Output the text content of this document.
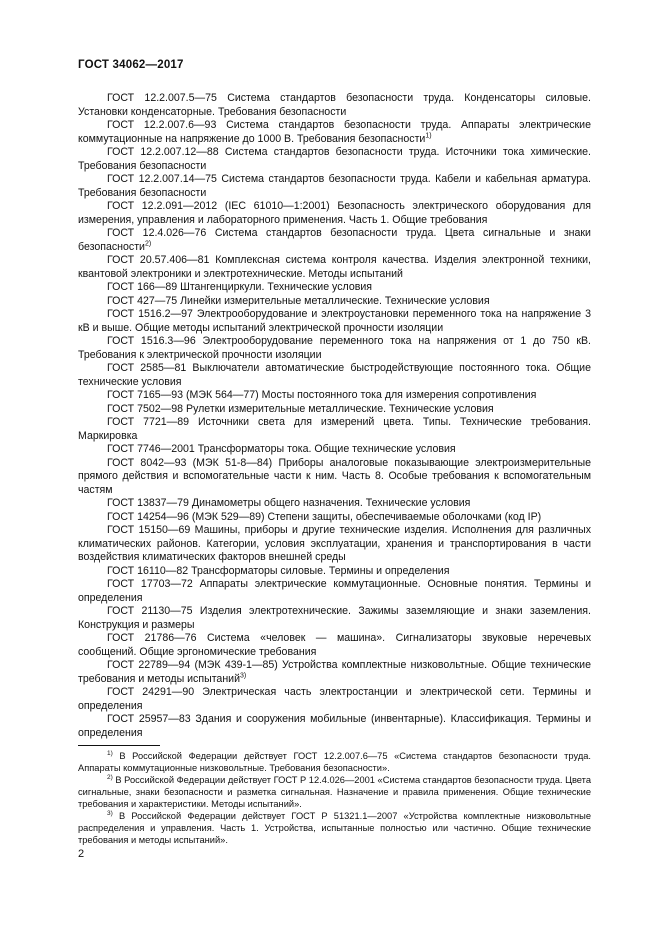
ГОСТ 34062—2017

ГОСТ 12.2.007.5—75 Система стандартов безопасности труда. Конденсаторы силовые. Установки конденсаторные. Требования безопасности

ГОСТ 12.2.007.6—93 Система стандартов безопасности труда. Аппараты электрические коммутационные на напряжение до 1000 В. Требования безопасности$^{1)}$

ГОСТ 12.2.007.12—88 Система стандартов безопасности труда. Источники тока химические. Требования безопасности

ГОСТ 12.2.007.14—75 Система стандартов безопасности труда. Кабели и кабельная арматура. Требования безопасности

ГОСТ 12.2.091—2012 (IEC 61010—1:2001) Безопасность электрического оборудования для измерения, управления и лабораторного применения. Часть 1. Общие требования

ГОСТ 12.4.026—76 Система стандартов безопасности труда. Цвета сигнальные и знаки безопасности$^{2)}$

ГОСТ 20.57.406—81 Комплексная система контроля качества. Изделия электронной техники, квантовой электроники и электротехнические. Методы испытаний

ГОСТ 166—89 Штангенциркули. Технические условия

ГОСТ 427—75 Линейки измерительные металлические. Технические условия

ГОСТ 1516.2—97 Электрооборудование и электроустановки переменного тока на напряжение 3 кВ и выше. Общие методы испытаний электрической прочности изоляции

ГОСТ 1516.3—96 Электрооборудование переменного тока на напряжения от 1 до 750 кВ. Требования к электрической прочности изоляции

ГОСТ 2585—81 Выключатели автоматические быстродействующие постоянного тока. Общие технические условия

ГОСТ 7165—93 (МЭК 564—77) Мосты постоянного тока для измерения сопротивления

ГОСТ 7502—98 Рулетки измерительные металлические. Технические условия

ГОСТ 7721—89 Источники света для измерений цвета. Типы. Технические требования. Маркировка

ГОСТ 7746—2001 Трансформаторы тока. Общие технические условия

ГОСТ 8042—93 (МЭК 51-8—84) Приборы аналоговые показывающие электроизмерительные прямого действия и вспомогательные части к ним. Часть 8. Особые требования к вспомогательным частям

ГОСТ 13837—79 Динамометры общего назначения. Технические условия

ГОСТ 14254—96 (МЭК 529—89) Степени защиты, обеспечиваемые оболочками (код IP)

ГОСТ 15150—69 Машины, приборы и другие технические изделия. Исполнения для различных климатических районов. Категории, условия эксплуатации, хранения и транспортирования в части воздействия климатических факторов внешней среды

ГОСТ 16110—82 Трансформаторы силовые. Термины и определения

ГОСТ 17703—72 Аппараты электрические коммутационные. Основные понятия. Термины и определения

ГОСТ 21130—75 Изделия электротехнические. Зажимы заземляющие и знаки заземления. Конструкция и размеры

ГОСТ 21786—76 Система «человек — машина». Сигнализаторы звуковые неречевых сообщений. Общие эргономические требования

ГОСТ 22789—94 (МЭК 439-1—85) Устройства комплектные низковольтные. Общие технические требования и методы испытаний$^{3)}$

ГОСТ 24291—90 Электрическая часть электростанции и электрической сети. Термины и определения

ГОСТ 25957—83 Здания и сооружения мобильные (инвентарные). Классификация. Термины и определения

$^{1)}$ В Российской Федерации действует ГОСТ 12.2.007.6—75 «Система стандартов безопасности труда. Аппараты коммутационные низковольтные. Требования безопасности».

$^{2)}$ В Российской Федерации действует ГОСТ Р 12.4.026—2001 «Система стандартов безопасности труда. Цвета сигнальные, знаки безопасности и разметка сигнальная. Назначение и правила применения. Общие технические требования и характеристики. Методы испытаний».

$^{3)}$ В Российской Федерации действует ГОСТ Р 51321.1—2007 «Устройства комплектные низковольтные распределения и управления. Часть 1. Устройства, испытанные полностью или частично. Общие технические требования и методы испытаний».

2
